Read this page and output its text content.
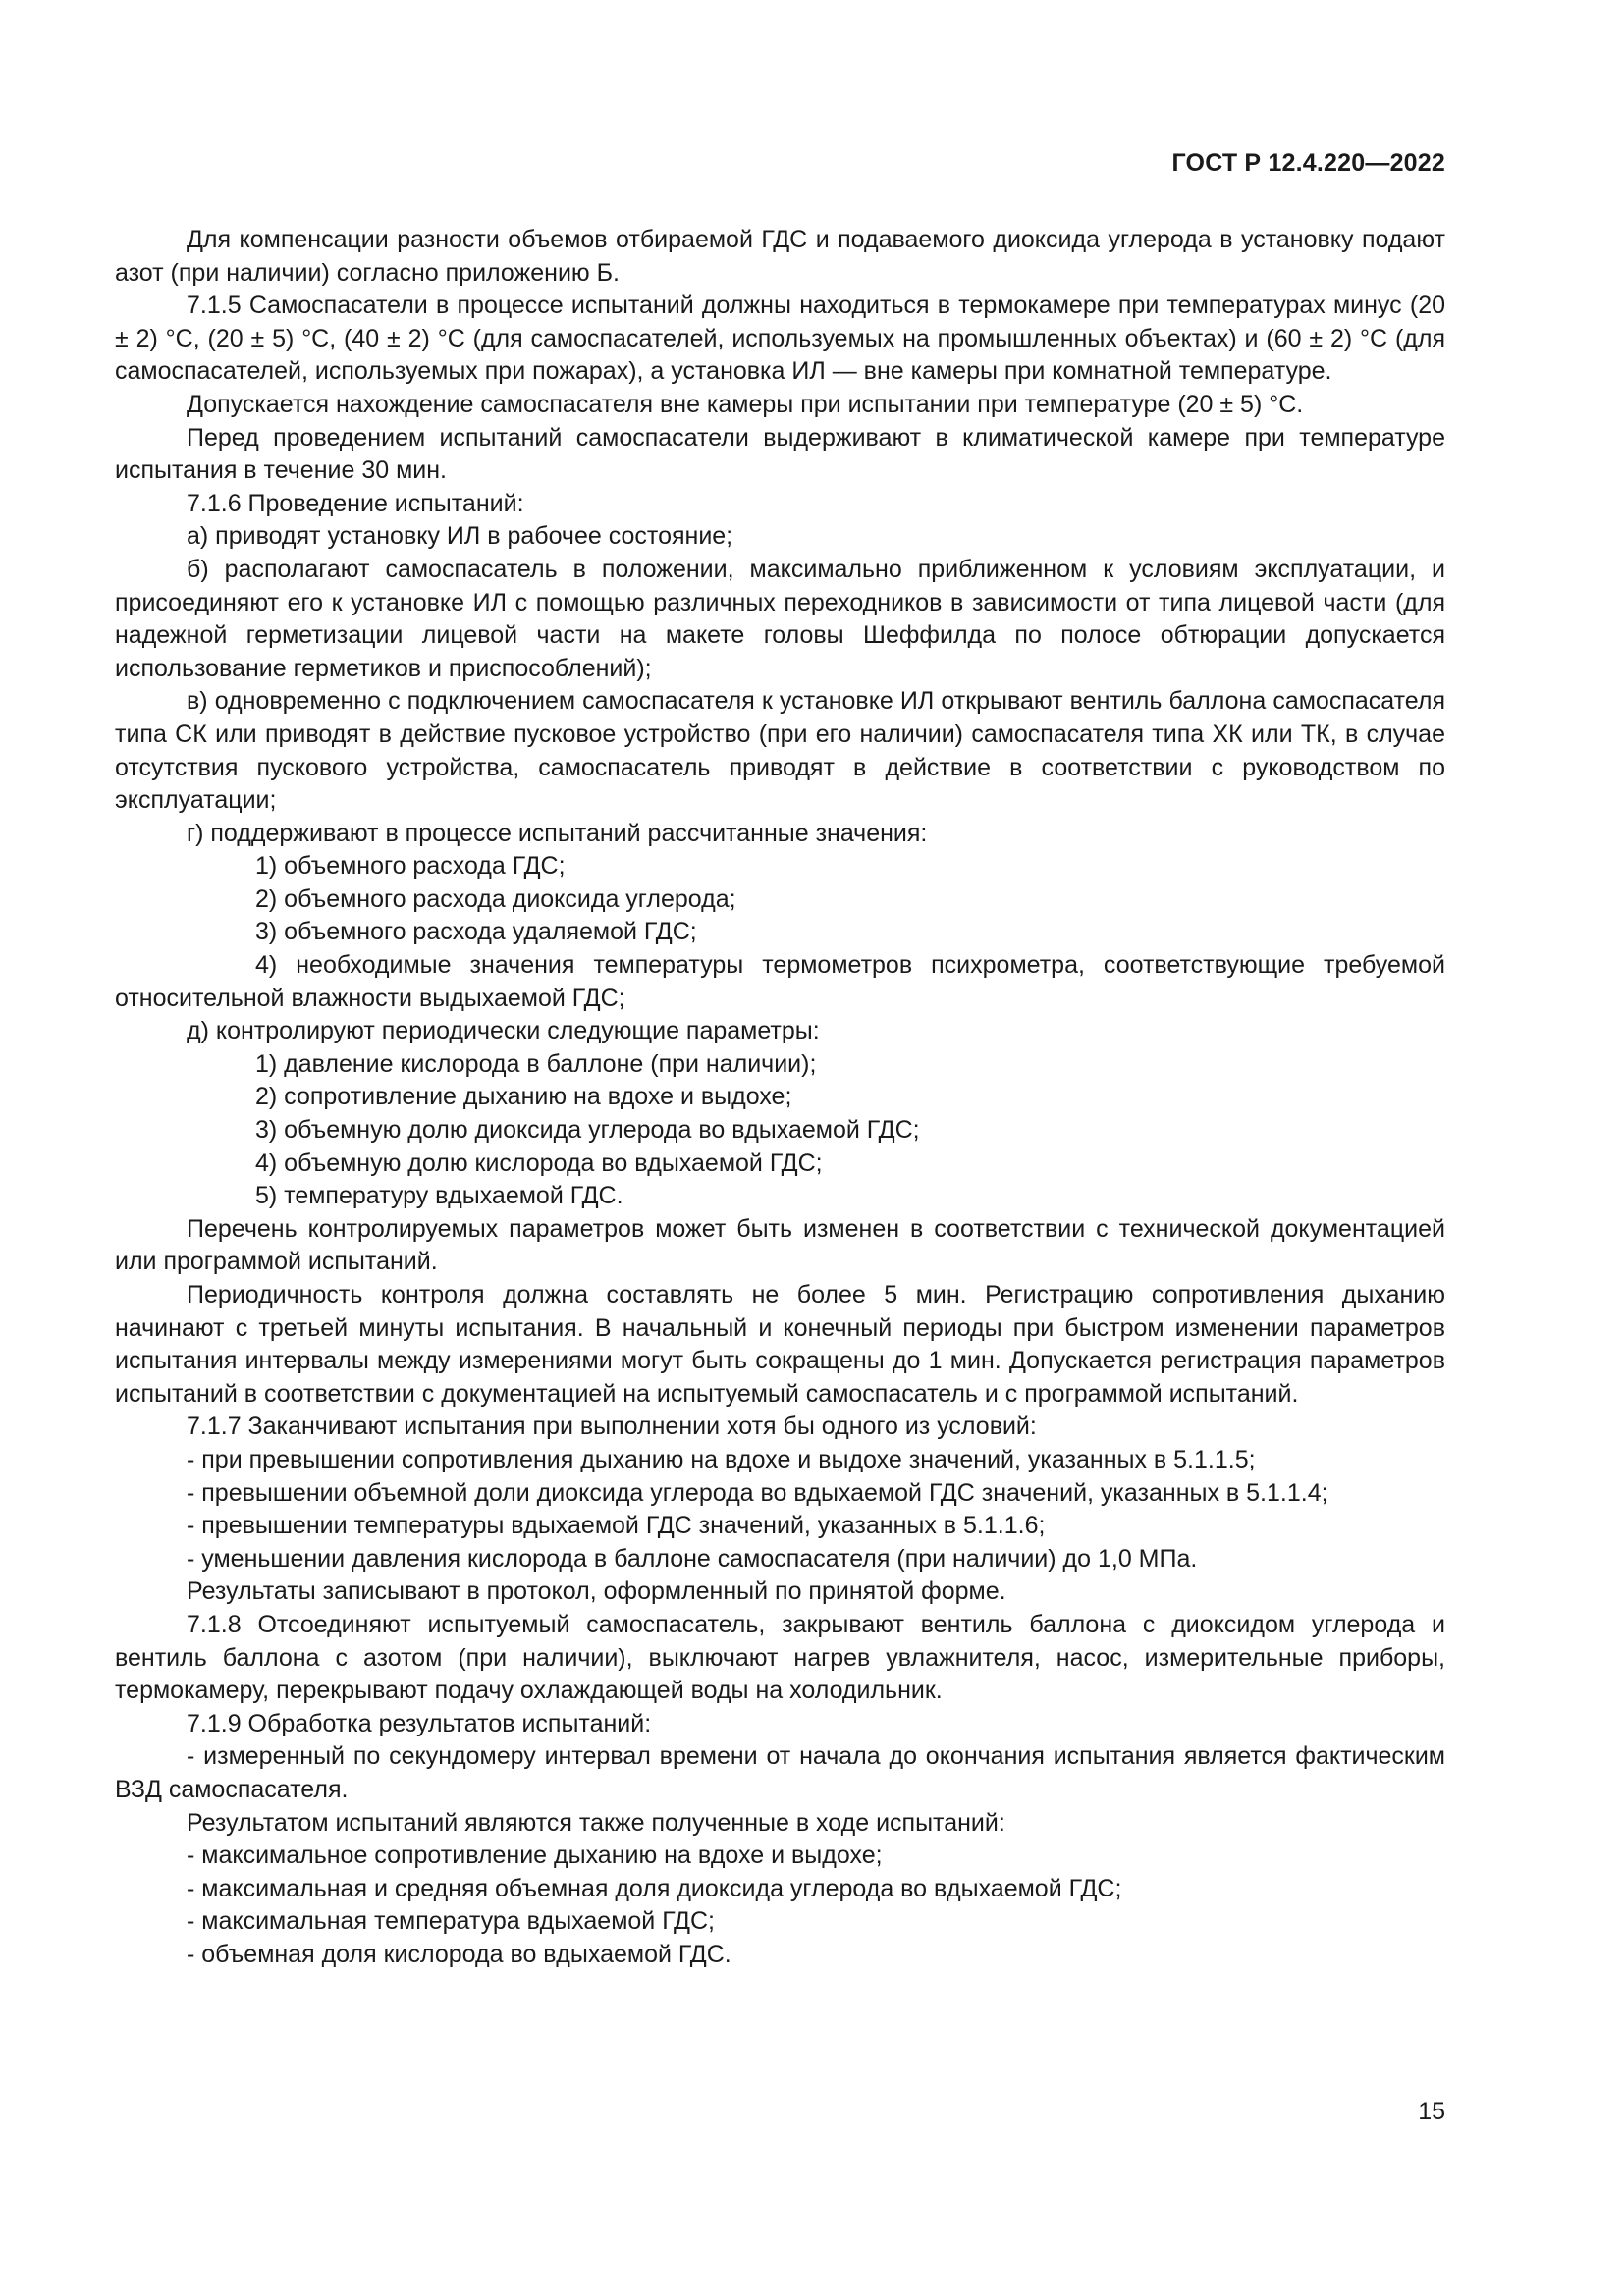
ГОСТ Р 12.4.220—2022

Для компенсации разности объемов отбираемой ГДС и подаваемого диоксида углерода в установку подают азот (при наличии) согласно приложению Б.

7.1.5 Самоспасатели в процессе испытаний должны находиться в термокамере при температурах минус (20 ± 2) °С, (20 ± 5) °С, (40 ± 2) °С (для самоспасателей, используемых на промышленных объектах) и (60 ± 2) °С (для самоспасателей, используемых при пожарах), а установка ИЛ — вне камеры при комнатной температуре.

Допускается нахождение самоспасателя вне камеры при испытании при температуре (20 ± 5) °С.

Перед проведением испытаний самоспасатели выдерживают в климатической камере при температуре испытания в течение 30 мин.

7.1.6 Проведение испытаний:

а) приводят установку ИЛ в рабочее состояние;

б) располагают самоспасатель в положении, максимально приближенном к условиям эксплуатации, и присоединяют его к установке ИЛ с помощью различных переходников в зависимости от типа лицевой части (для надежной герметизации лицевой части на макете головы Шеффилда по полосе обтюрации допускается использование герметиков и приспособлений);

в) одновременно с подключением самоспасателя к установке ИЛ открывают вентиль баллона самоспасателя типа СК или приводят в действие пусковое устройство (при его наличии) самоспасателя типа ХК или ТК, в случае отсутствия пускового устройства, самоспасатель приводят в действие в соответствии с руководством по эксплуатации;

г) поддерживают в процессе испытаний рассчитанные значения:

1) объемного расхода ГДС;

2) объемного расхода диоксида углерода;

3) объемного расхода удаляемой ГДС;

4) необходимые значения температуры термометров психрометра, соответствующие требуемой относительной влажности выдыхаемой ГДС;

д) контролируют периодически следующие параметры:

1) давление кислорода в баллоне (при наличии);

2) сопротивление дыханию на вдохе и выдохе;

3) объемную долю диоксида углерода во вдыхаемой ГДС;

4) объемную долю кислорода во вдыхаемой ГДС;

5) температуру вдыхаемой ГДС.

Перечень контролируемых параметров может быть изменен в соответствии с технической документацией или программой испытаний.

Периодичность контроля должна составлять не более 5 мин. Регистрацию сопротивления дыханию начинают с третьей минуты испытания. В начальный и конечный периоды при быстром изменении параметров испытания интервалы между измерениями могут быть сокращены до 1 мин. Допускается регистрация параметров испытаний в соответствии с документацией на испытуемый самоспасатель и с программой испытаний.

7.1.7 Заканчивают испытания при выполнении хотя бы одного из условий:

- при превышении сопротивления дыханию на вдохе и выдохе значений, указанных в 5.1.1.5;

- превышении объемной доли диоксида углерода во вдыхаемой ГДС значений, указанных в 5.1.1.4;

- превышении температуры вдыхаемой ГДС значений, указанных в 5.1.1.6;

- уменьшении давления кислорода в баллоне самоспасателя (при наличии) до 1,0 МПа.

Результаты записывают в протокол, оформленный по принятой форме.

7.1.8 Отсоединяют испытуемый самоспасатель, закрывают вентиль баллона с диоксидом углерода и вентиль баллона с азотом (при наличии), выключают нагрев увлажнителя, насос, измерительные приборы, термокамеру, перекрывают подачу охлаждающей воды на холодильник.

7.1.9 Обработка результатов испытаний:

- измеренный по секундомеру интервал времени от начала до окончания испытания является фактическим ВЗД самоспасателя.

Результатом испытаний являются также полученные в ходе испытаний:

- максимальное сопротивление дыханию на вдохе и выдохе;

- максимальная и средняя объемная доля диоксида углерода во вдыхаемой ГДС;

- максимальная температура вдыхаемой ГДС;

- объемная доля кислорода во вдыхаемой ГДС.

15
